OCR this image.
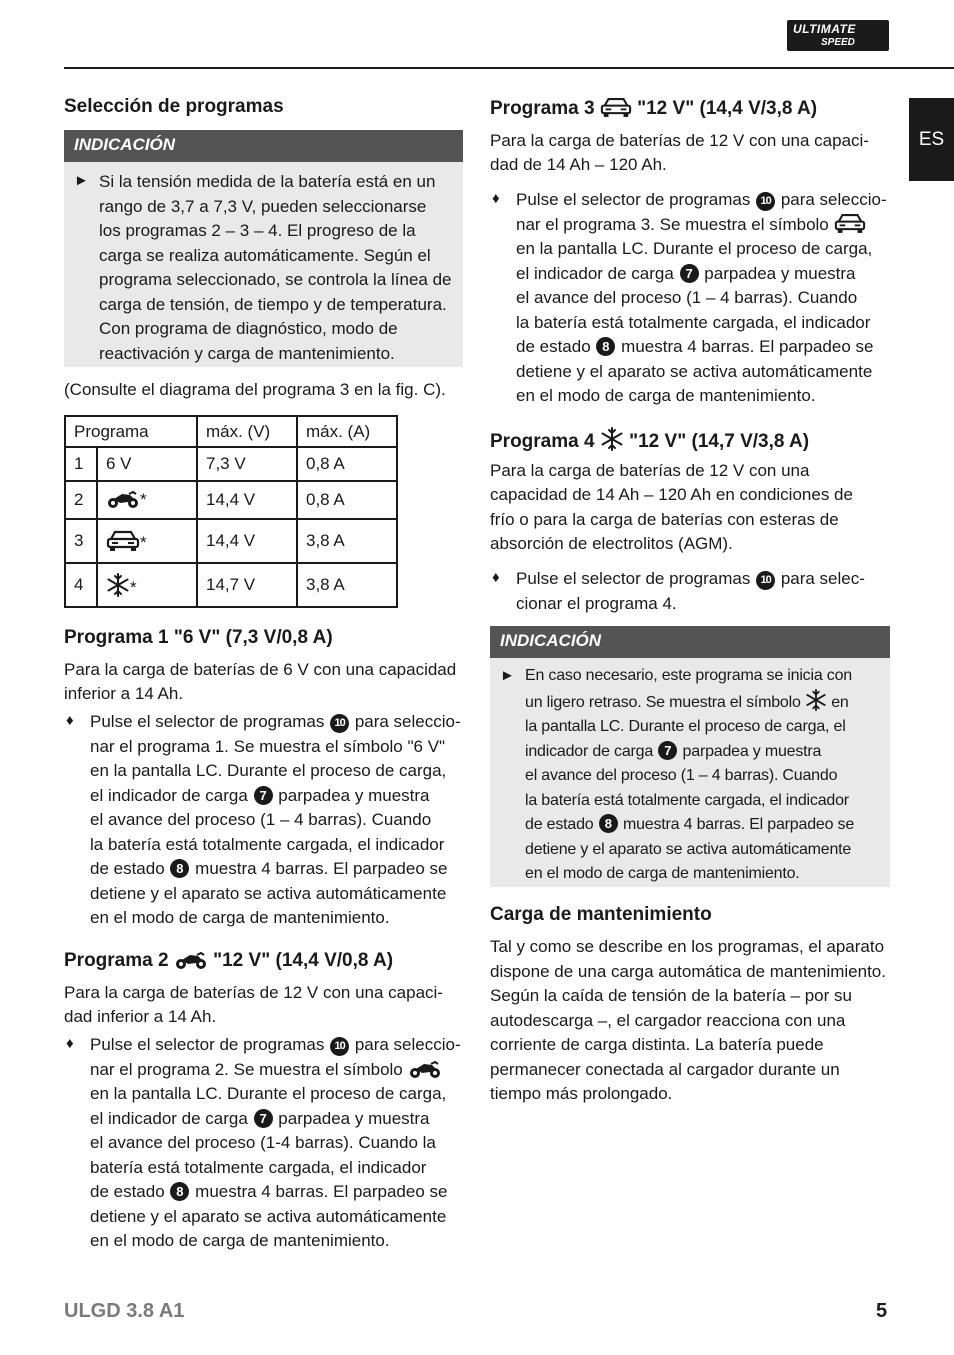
ULTIMATE
SPEED
ES
Selección de programas
INDICACIÓN
► Si la tensión medida de la batería está en un
rango de 3,7 a 7,3 V, pueden seleccionarse
los programas 2 – 3 – 4. El progreso de la
carga se realiza automáticamente. Según el
programa seleccionado, se controla la línea de
carga de tensión, de tiempo y de temperatura.
Con programa de diagnóstico, modo de
reactivación y carga de mantenimiento.

(Consulte el diagrama del programa 3 en la fig. C).

Programa		máx. (V)	máx. (A)
1	6 V	7,3 V	0,8 A
2	*	14,4 V	0,8 A
3	*	14,4 V	3,8 A
4	*	14,7 V	3,8 A
Programa 1 "6 V" (7,3 V/0,8 A)

Para la carga de baterías de 6 V con una capacidad

inferior a 14 Ah.

♦ Pulse el selector de programas 10 para seleccio-
nar el programa 1. Se muestra el símbolo "6 V"
en la pantalla LC. Durante el proceso de carga,
el indicador de carga 7 parpadea y muestra
el avance del proceso (1 – 4 barras). Cuando
la batería está totalmente cargada, el indicador
de estado 8 muestra 4 barras. El parpadeo se
detiene y el aparato se activa automáticamente
en el modo de carga de mantenimiento.
Programa 2 "12 V" (14,4 V/0,8 A)

Para la carga de baterías de 12 V con una capaci-

dad inferior a 14 Ah.

♦ Pulse el selector de programas 10 para seleccio-
nar el programa 2. Se muestra el símbolo
en la pantalla LC. Durante el proceso de carga,
el indicador de carga 7 parpadea y muestra
el avance del proceso (1-4 barras). Cuando la
batería está totalmente cargada, el indicador
de estado 8 muestra 4 barras. El parpadeo se
detiene y el aparato se activa automáticamente
en el modo de carga de mantenimiento.
Programa 3 "12 V" (14,4 V/3,8 A)

Para la carga de baterías de 12 V con una capaci-

dad de 14 Ah – 120 Ah.

♦ Pulse el selector de programas 10 para seleccio-
nar el programa 3. Se muestra el símbolo
en la pantalla LC. Durante el proceso de carga,
el indicador de carga 7 parpadea y muestra
el avance del proceso (1 – 4 barras). Cuando
la batería está totalmente cargada, el indicador
de estado 8 muestra 4 barras. El parpadeo se
detiene y el aparato se activa automáticamente
en el modo de carga de mantenimiento.
Programa 4 "12 V" (14,7 V/3,8 A)

Para la carga de baterías de 12 V con una

capacidad de 14 Ah – 120 Ah en condiciones de

frío o para la carga de baterías con esteras de

absorción de electrolitos (AGM).

♦ Pulse el selector de programas 10 para selec-
cionar el programa 4.
INDICACIÓN
► En caso necesario, este programa se inicia con
un ligero retraso. Se muestra el símbolo en
la pantalla LC. Durante el proceso de carga, el
indicador de carga 7 parpadea y muestra
el avance del proceso (1 – 4 barras). Cuando
la batería está totalmente cargada, el indicador
de estado 8 muestra 4 barras. El parpadeo se
detiene y el aparato se activa automáticamente
en el modo de carga de mantenimiento.
Carga de mantenimiento
Tal y como se describe en los programas, el aparato
dispone de una carga automática de mantenimiento.
Según la caída de tensión de la batería – por su
autodescarga –, el cargador reacciona con una
corriente de carga distinta. La batería puede
permanecer conectada al cargador durante un
tiempo más prolongado.
ULGD 3.8 A1	5
